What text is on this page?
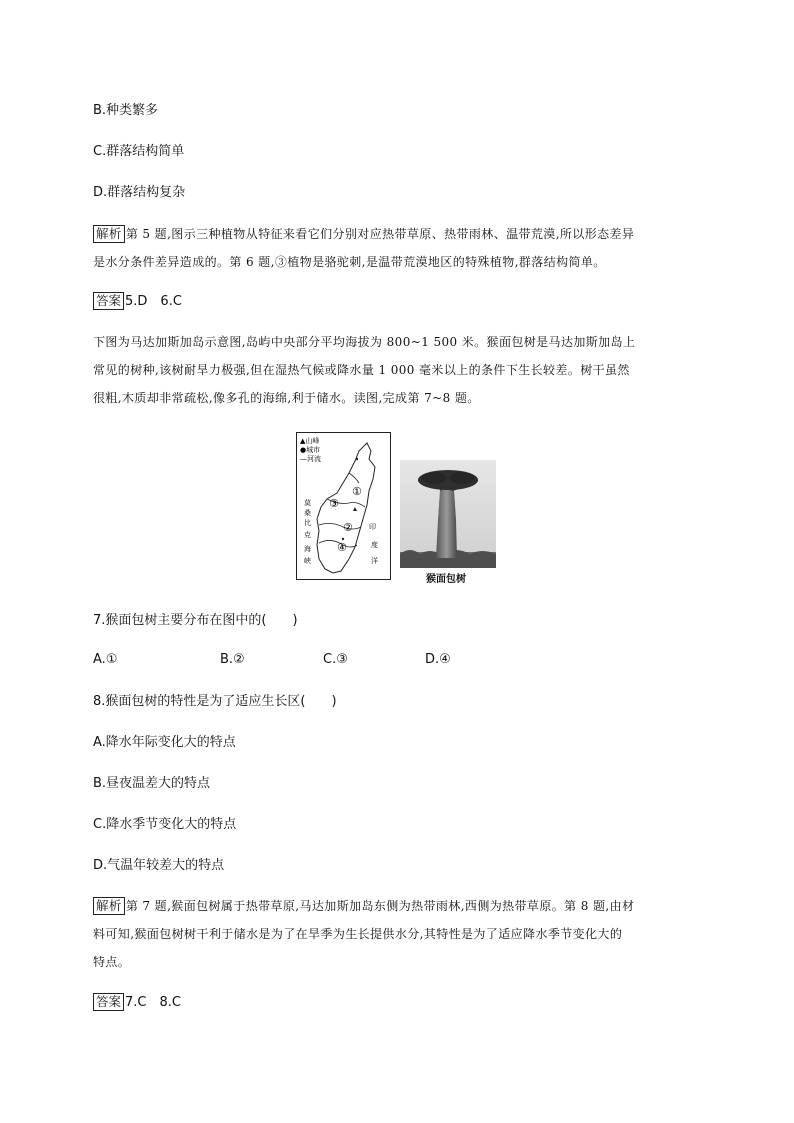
B.种类繁多
C.群落结构简单
D.群落结构复杂
解析 第 5 题,图示三种植物从特征来看它们分别对应热带草原、热带雨林、温带荒漠,所以形态差异
是水分条件差异造成的。第 6 题,③植物是骆驼刺,是温带荒漠地区的特殊植物,群落结构简单。
答案 5.D　6.C
下图为马达加斯加岛示意图,岛屿中央部分平均海拔为 800~1 500 米。猴面包树是马达加斯加岛上
常见的树种,该树耐旱力极强,但在湿热气候或降水量 1 000 毫米以上的条件下生长较差。树干虽然
很粗,木质却非常疏松,像多孔的海绵,利于储水。读图,完成第 7~8 题。
▲山峰
●城市
—河流
①
②
③
④
莫
桑
比
克
海
峡
印
度
洋
猴面包树
7.猴面包树主要分布在图中的(　　)
A.①	B.②	C.③	D.④
8.猴面包树的特性是为了适应生长区(　　)
A.降水年际变化大的特点
B.昼夜温差大的特点
C.降水季节变化大的特点
D.气温年较差大的特点
解析 第 7 题,猴面包树属于热带草原,马达加斯加岛东侧为热带雨林,西侧为热带草原。第 8 题,由材
料可知,猴面包树树干利于储水是为了在旱季为生长提供水分,其特性是为了适应降水季节变化大的
特点。
答案 7.C　8.C
